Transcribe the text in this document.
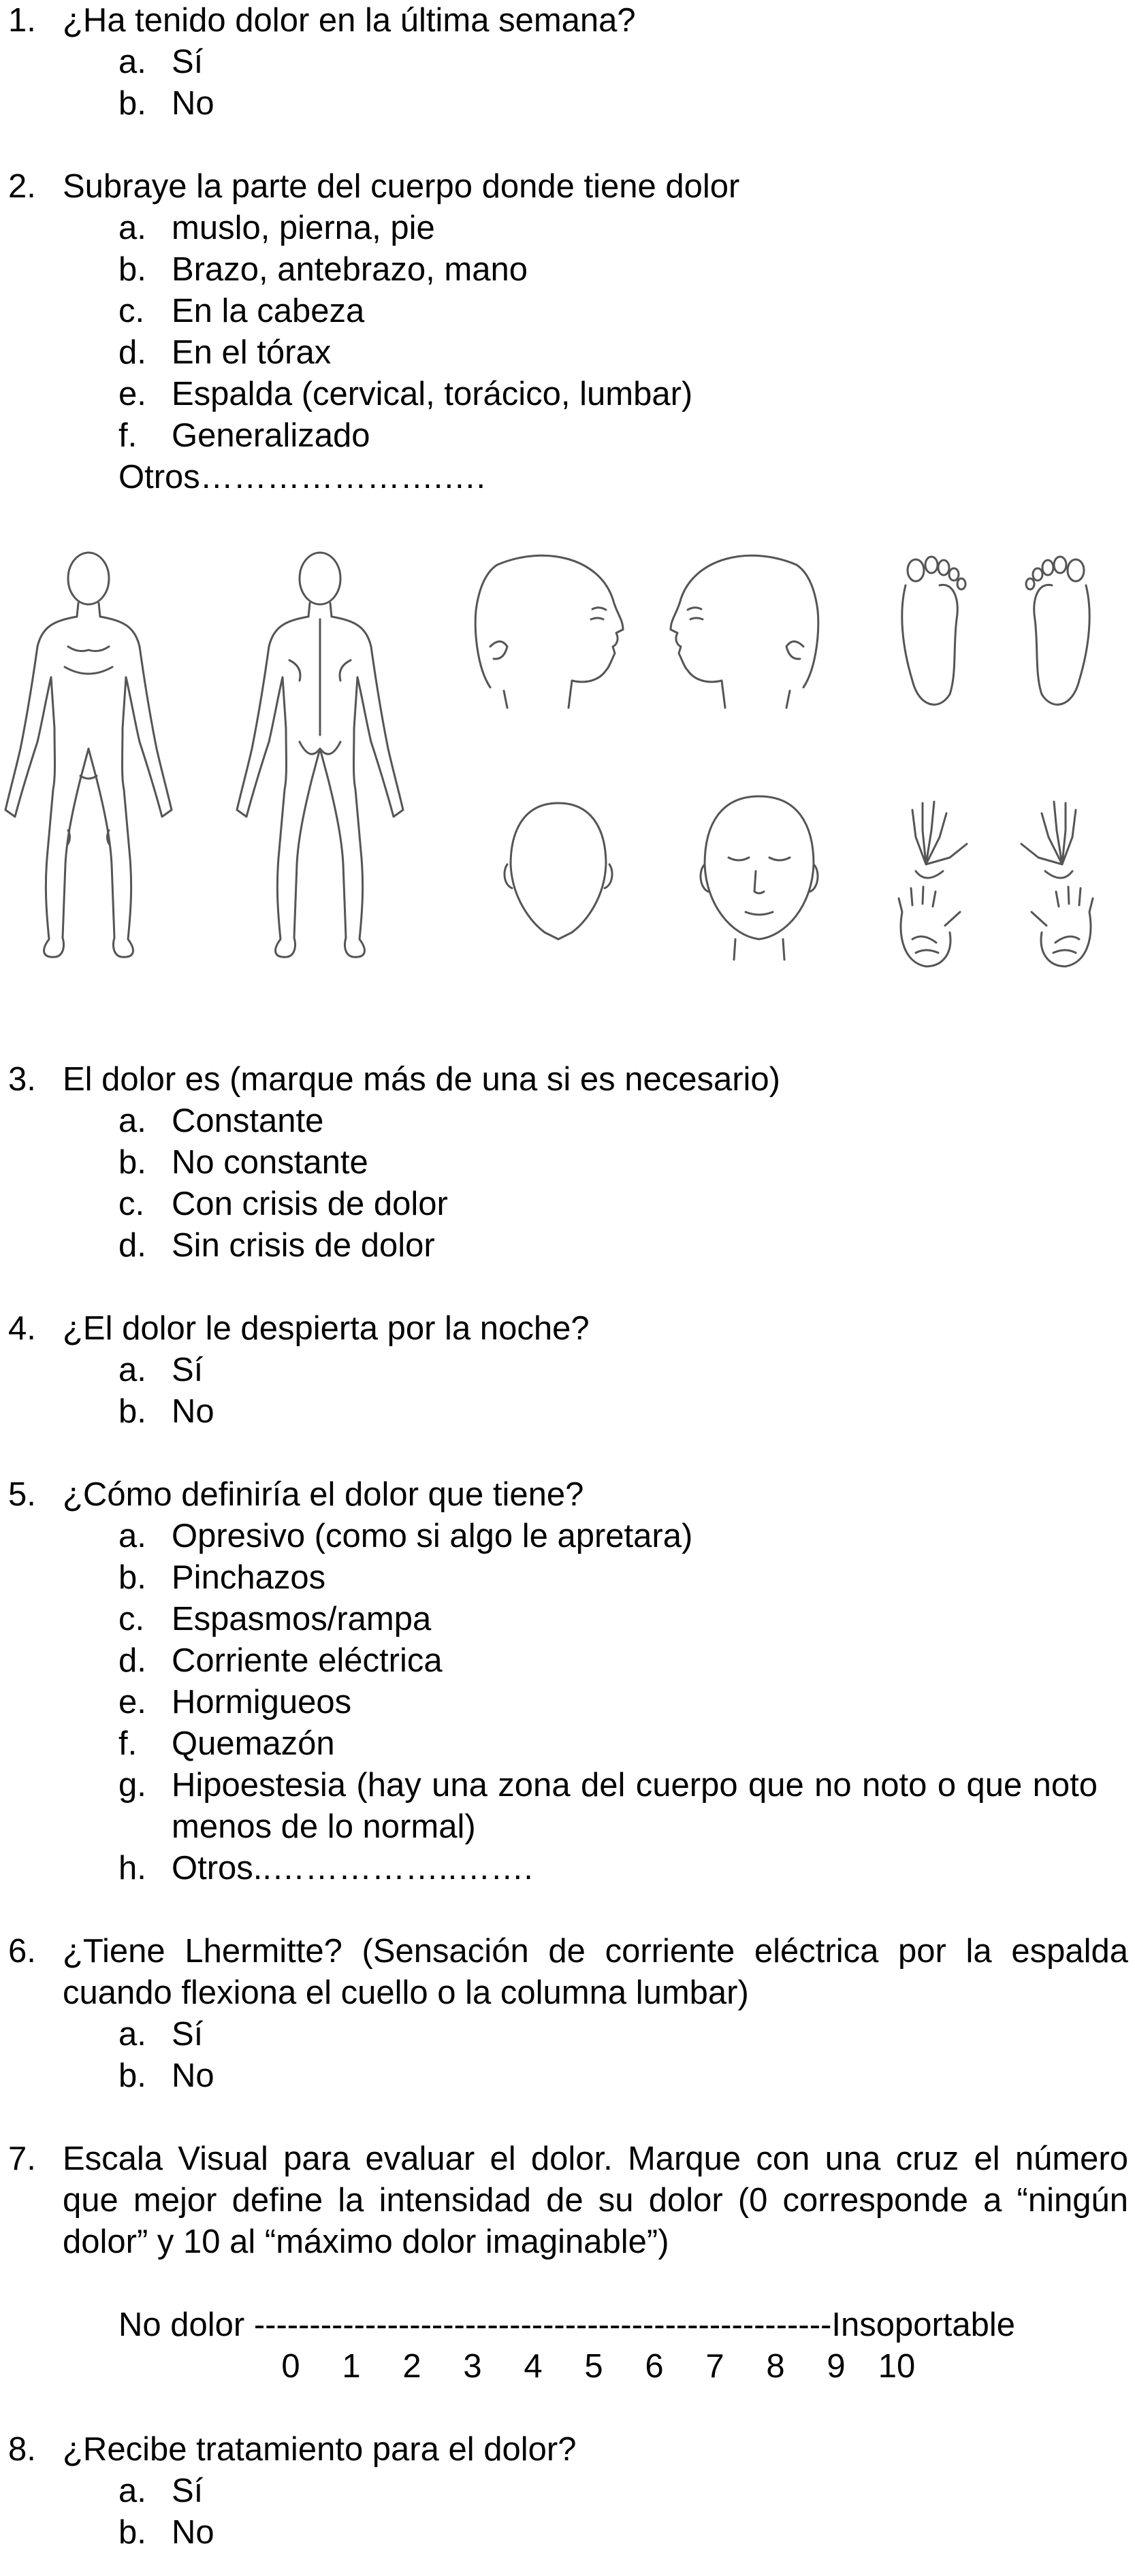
1. ¿Ha tenido dolor en la última semana?
a. Sí
b. No
2. Subraye la parte del cuerpo donde tiene dolor
a. muslo, pierna, pie
b. Brazo, antebrazo, mano
c. En la cabeza
d. En el tórax
e. Espalda (cervical, torácico, lumbar)
f. Generalizado
Otros………………….….
3. El dolor es (marque más de una si es necesario)
a. Constante
b. No constante
c. Con crisis de dolor
d. Sin crisis de dolor
4. ¿El dolor le despierta por la noche?
a. Sí
b. No
5. ¿Cómo definiría el dolor que tiene?
a. Opresivo (como si algo le apretara)
b. Pinchazos
c. Espasmos/rampa
d. Corriente eléctrica
e. Hormigueos
f. Quemazón
g. Hipoestesia (hay una zona del cuerpo que no noto o que noto menos de lo normal)
h. Otros..……………..…….
6. ¿Tiene Lhermitte? (Sensación de corriente eléctrica por la espalda cuando flexiona el cuello o la columna lumbar)
a. Sí
b. No
7. Escala Visual para evaluar el dolor. Marque con una cruz el número que mejor define la intensidad de su dolor (0 corresponde a “ningún dolor” y 10 al “máximo dolor imaginable”)
No dolor ----------------------------------------------------Insoportable
0 1 2 3 4 5 6 7 8 9 10
8. ¿Recibe tratamiento para el dolor?
a. Sí
b. No
